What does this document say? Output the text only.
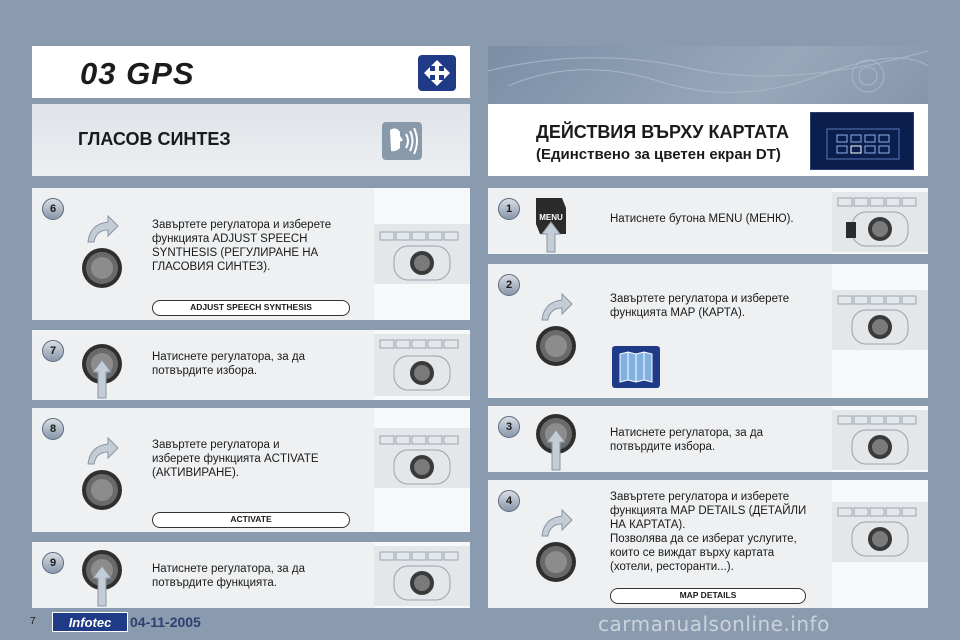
03 GPS
ГЛАСОВ СИНТЕЗ	ДЕЙСТВИЯ ВЪРХУ КАРТАТА
(Единствено за цветен екран DT)
6
Завъртете регулатора и изберете
функцията ADJUST SPEECH
SYNTHESIS (РЕГУЛИРАНЕ НА
ГЛАСОВИЯ СИНТЕЗ).
ADJUST SPEECH SYNTHESIS
7	Натиснете регулатора, за да
потвърдите избора.
8
Завъртете регулатора и
изберете функцията ACTIVATE
(АКТИВИРАНЕ).
ACTIVATE
9	Натиснете регулатора, за да
потвърдите функцията.
1
MENU	Натиснете бутона MENU (МЕНЮ).
2
Завъртете регулатора и изберете
функцията MAP (КАРТА).
3	Натиснете регулатора, за да
потвърдите избора.
4	Завъртете регулатора и изберете
функцията MAP DETAILS (ДЕТАЙЛИ
НА КАРТАТА).
Позволява да се изберат услугите,
които се виждат върху картата
(хотели, ресторанти...).
MAP DETAILS
7	Infotec	04-11-2005	carmanualsonline.info
